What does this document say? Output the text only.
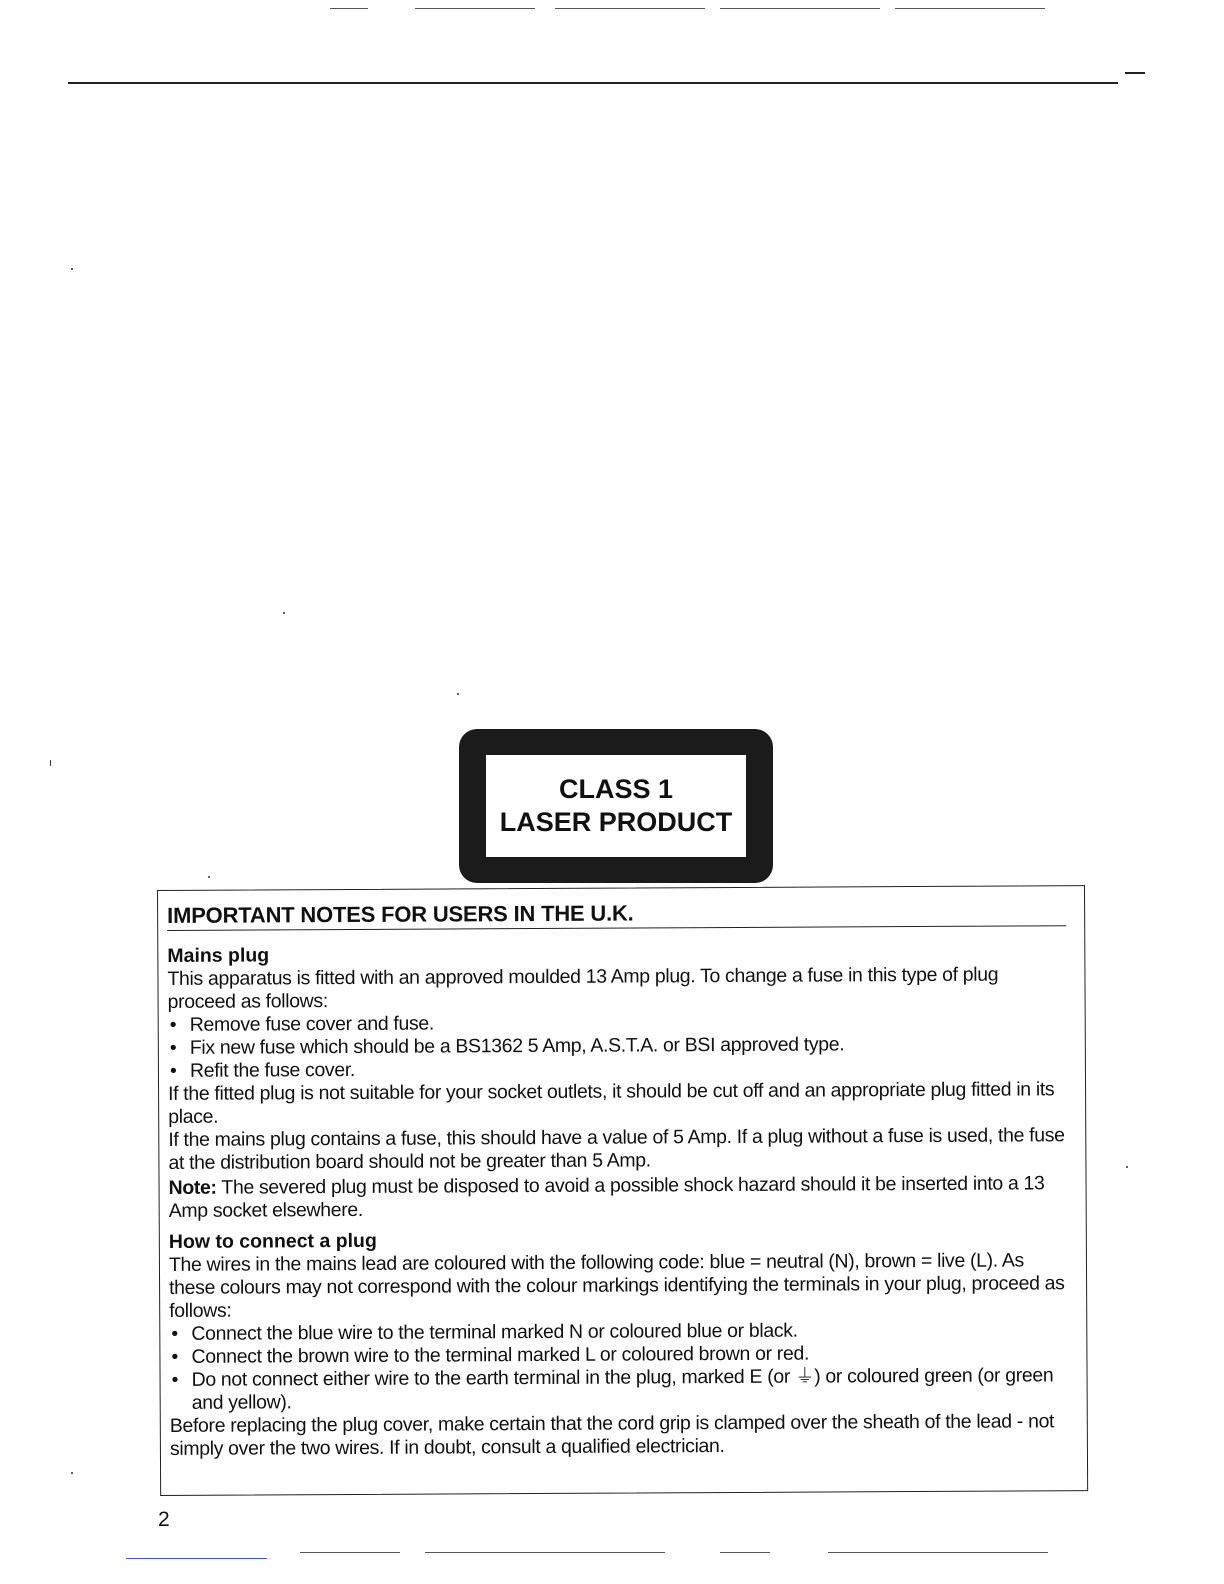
CLASS 1
LASER PRODUCT
IMPORTANT NOTES FOR USERS IN THE U.K.
Mains plug

This apparatus is fitted with an approved moulded 13 Amp plug. To change a fuse in this type of plug proceed as follows:

• Remove fuse cover and fuse.
• Fix new fuse which should be a BS1362 5 Amp, A.S.T.A. or BSI approved type.
• Refit the fuse cover.

If the fitted plug is not suitable for your socket outlets, it should be cut off and an appropriate plug fitted in its place.

If the mains plug contains a fuse, this should have a value of 5 Amp. If a plug without a fuse is used, the fuse at the distribution board should not be greater than 5 Amp.

Note: The severed plug must be disposed to avoid a possible shock hazard should it be inserted into a 13 Amp socket elsewhere.

How to connect a plug

The wires in the mains lead are coloured with the following code: blue = neutral (N), brown = live (L). As these colours may not correspond with the colour markings identifying the terminals in your plug, proceed as follows:

• Connect the blue wire to the terminal marked N or coloured blue or black.
• Connect the brown wire to the terminal marked L or coloured brown or red.
• Do not connect either wire to the earth terminal in the plug, marked E (or ⏚) or coloured green (or green and yellow).

Before replacing the plug cover, make certain that the cord grip is clamped over the sheath of the lead - not simply over the two wires. If in doubt, consult a qualified electrician.

2
